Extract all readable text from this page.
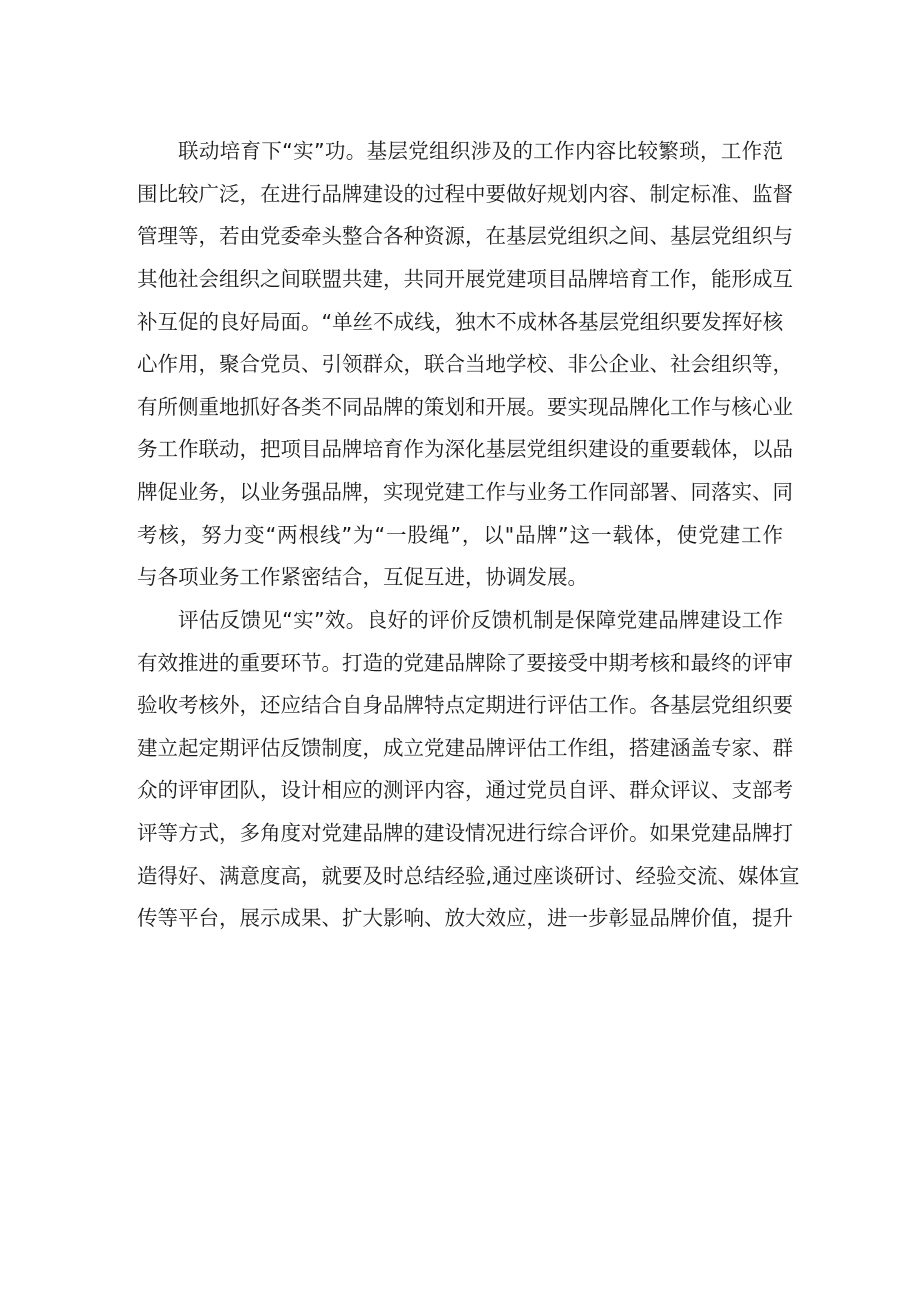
联动培育下“实”功。基层党组织涉及的工作内容比较繁琐，工作范
围比较广泛，在进行品牌建设的过程中要做好规划内容、制定标准、监督
管理等，若由党委牵头整合各种资源，在基层党组织之间、基层党组织与
其他社会组织之间联盟共建，共同开展党建项目品牌培育工作，能形成互
补互促的良好局面。“单丝不成线，独木不成林各基层党组织要发挥好核
心作用，聚合党员、引领群众，联合当地学校、非公企业、社会组织等，
有所侧重地抓好各类不同品牌的策划和开展。要实现品牌化工作与核心业
务工作联动，把项目品牌培育作为深化基层党组织建设的重要载体，以品
牌促业务，以业务强品牌，实现党建工作与业务工作同部署、同落实、同
考核，努力变“两根线”为“一股绳”，以"品牌”这一载体，使党建工作
与各项业务工作紧密结合，互促互进，协调发展。
评估反馈见“实”效。良好的评价反馈机制是保障党建品牌建设工作
有效推进的重要环节。打造的党建品牌除了要接受中期考核和最终的评审
验收考核外，还应结合自身品牌特点定期进行评估工作。各基层党组织要
建立起定期评估反馈制度，成立党建品牌评估工作组，搭建涵盖专家、群
众的评审团队，设计相应的测评内容，通过党员自评、群众评议、支部考
评等方式，多角度对党建品牌的建设情况进行综合评价。如果党建品牌打
造得好、满意度高，就要及时总结经验,通过座谈研讨、经验交流、媒体宣
传等平台，展示成果、扩大影响、放大效应，进一步彰显品牌价值，提升
